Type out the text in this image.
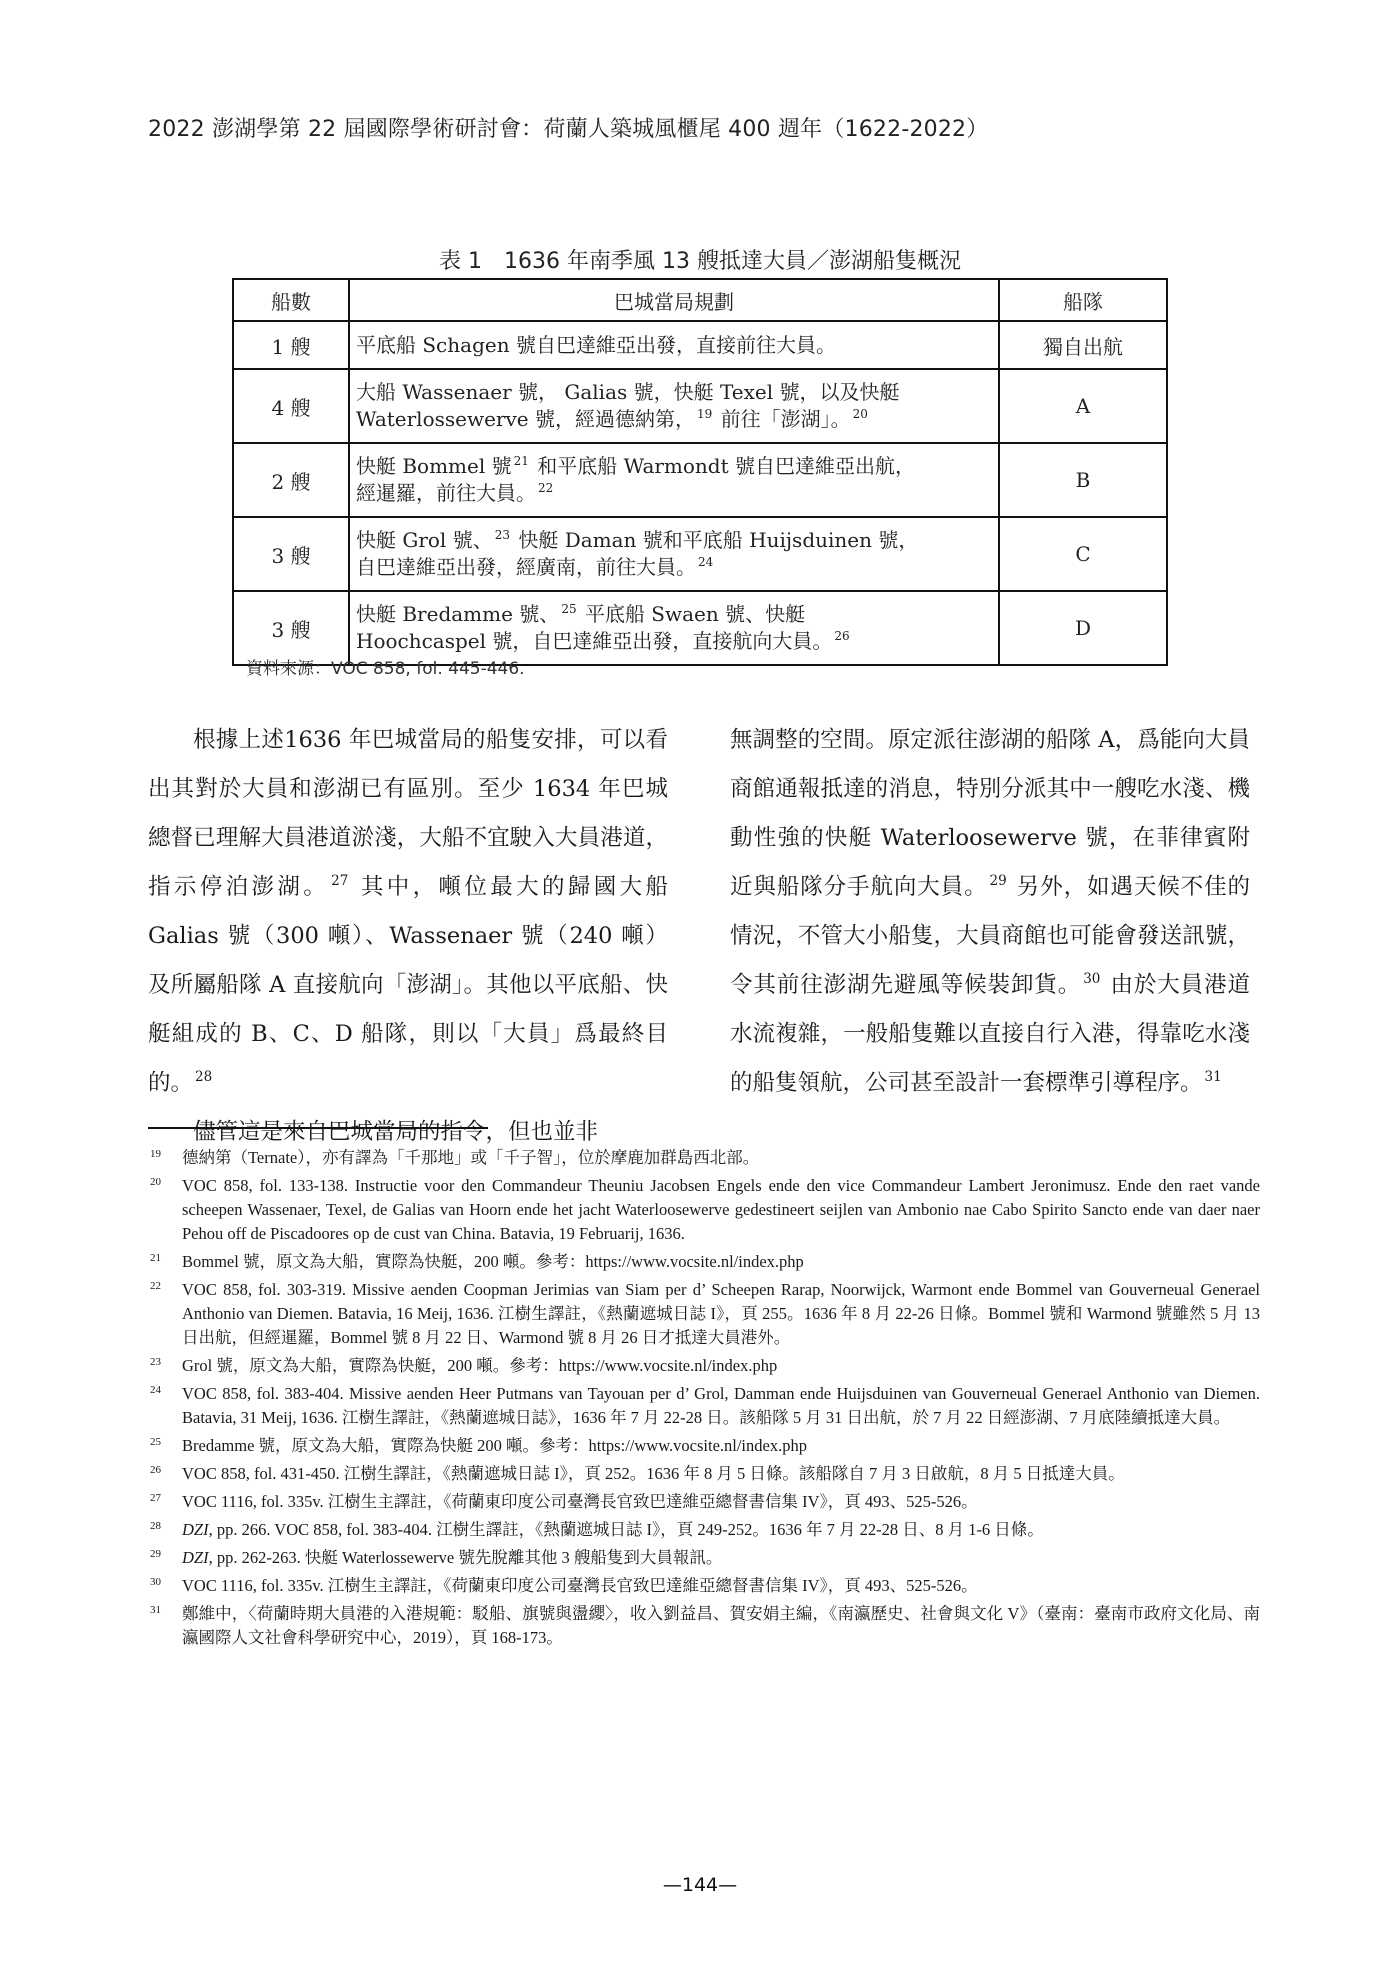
2022 澎湖學第 22 屆國際學術研討會：荷蘭人築城風櫃尾 400 週年（1622-2022）
表 1　1636 年南季風 13 艘抵達大員／澎湖船隻概況
船數	巴城當局規劃	船隊
1 艘	平底船 Schagen 號自巴達維亞出發，直接前往大員。	獨自出航
4 艘	大船 Wassenaer 號， Galias 號，快艇 Texel 號，以及快艇
Waterlossewerve 號，經過德納第， $^{19}$ 前往「澎湖」。 $^{20}$	A
2 艘	快艇 Bommel 號 $^{21}$ 和平底船 Warmondt 號自巴達維亞出航，
經暹羅，前往大員。 $^{22}$	B
3 艘	快艇 Grol 號、 $^{23}$ 快艇 Daman 號和平底船 Huijsduinen 號，
自巴達維亞出發，經廣南，前往大員。 $^{24}$	C
3 艘	快艇 Bredamme 號、 $^{25}$ 平底船 Swaen 號、快艇
Hoochcaspel 號，自巴達維亞出發，直接航向大員。 $^{26}$	D
資料來源：VOC 858, fol. 445-446.

根據上述1636 年巴城當局的船隻安排，可以看出其對於大員和澎湖已有區別。至少 1634 年巴城總督已理解大員港道淤淺，大船不宜駛入大員港道，指示停泊澎湖。 $^{27}$ 其中，噸位最大的歸國大船 Galias 號（300 噸）、Wassenaer 號（240 噸）及所屬船隊 A 直接航向「澎湖」。其他以平底船、快艇組成的 B、C、D 船隊，則以「大員」爲最終目的。 $^{28}$

儘管這是來自巴城當局的指令，但也並非

無調整的空間。原定派往澎湖的船隊 A，爲能向大員商館通報抵達的消息，特別分派其中一艘吃水淺、機動性強的快艇 Waterloosewerve 號，在菲律賓附近與船隊分手航向大員。 $^{29}$ 另外，如遇天候不佳的情況，不管大小船隻，大員商館也可能會發送訊號，令其前往澎湖先避風等候裝卸貨。 $^{30}$ 由於大員港道水流複雜，一般船隻難以直接自行入港，得靠吃水淺的船隻領航，公司甚至設計一套標準引導程序。 $^{31}$

19 德納第（Ternate），亦有譯為「千那地」或「千子智」，位於摩鹿加群島西北部。
20 VOC 858, fol. 133-138. Instructie voor den Commandeur Theuniu Jacobsen Engels ende den vice Commandeur Lambert Jeronimusz. Ende den raet vande scheepen Wassenaer, Texel, de Galias van Hoorn ende het jacht Waterloosewerve gedestineert seijlen van Ambonio nae Cabo Spirito Sancto ende van daer naer Pehou off de Piscadoores op de cust van China. Batavia, 19 Februarij, 1636.
21 Bommel 號，原文為大船，實際為快艇，200 噸。參考：https://www.vocsite.nl/index.php
22 VOC 858, fol. 303-319. Missive aenden Coopman Jerimias van Siam per d’ Scheepen Rarap, Noorwijck, Warmont ende Bommel van Gouverneual Generael Anthonio van Diemen. Batavia, 16 Meij, 1636. 江樹生譯註，《熱蘭遮城日誌 I》，頁 255。1636 年 8 月 22-26 日條。Bommel 號和 Warmond 號雖然 5 月 13 日出航，但經暹羅，Bommel 號 8 月 22 日、Warmond 號 8 月 26 日才抵達大員港外。
23 Grol 號，原文為大船，實際為快艇，200 噸。參考：https://www.vocsite.nl/index.php
24 VOC 858, fol. 383-404. Missive aenden Heer Putmans van Tayouan per d’ Grol, Damman ende Huijsduinen van Gouverneual Generael Anthonio van Diemen. Batavia, 31 Meij, 1636. 江樹生譯註，《熱蘭遮城日誌》，1636 年 7 月 22-28 日。該船隊 5 月 31 日出航，於 7 月 22 日經澎湖、7 月底陸續抵達大員。
25 Bredamme 號，原文為大船，實際為快艇 200 噸。參考：https://www.vocsite.nl/index.php
26 VOC 858, fol. 431-450. 江樹生譯註，《熱蘭遮城日誌 I》，頁 252。1636 年 8 月 5 日條。該船隊自 7 月 3 日啟航，8 月 5 日抵達大員。
27 VOC 1116, fol. 335v. 江樹生主譯註，《荷蘭東印度公司臺灣長官致巴達維亞總督書信集 IV》，頁 493、525-526。
28 DZI, pp. 266. VOC 858, fol. 383-404. 江樹生譯註，《熱蘭遮城日誌 I》，頁 249-252。1636 年 7 月 22-28 日、8 月 1-6 日條。
29 DZI, pp. 262-263. 快艇 Waterlossewerve 號先脫離其他 3 艘船隻到大員報訊。
30 VOC 1116, fol. 335v. 江樹生主譯註，《荷蘭東印度公司臺灣長官致巴達維亞總督書信集 IV》，頁 493、525-526。
31 鄭維中，〈荷蘭時期大員港的入港規範：駁船、旗號與盪纓〉，收入劉益昌、賀安娟主編，《南瀛歷史、社會與文化 V》（臺南：臺南市政府文化局、南瀛國際人文社會科學研究中心，2019），頁 168-173。
—144—
